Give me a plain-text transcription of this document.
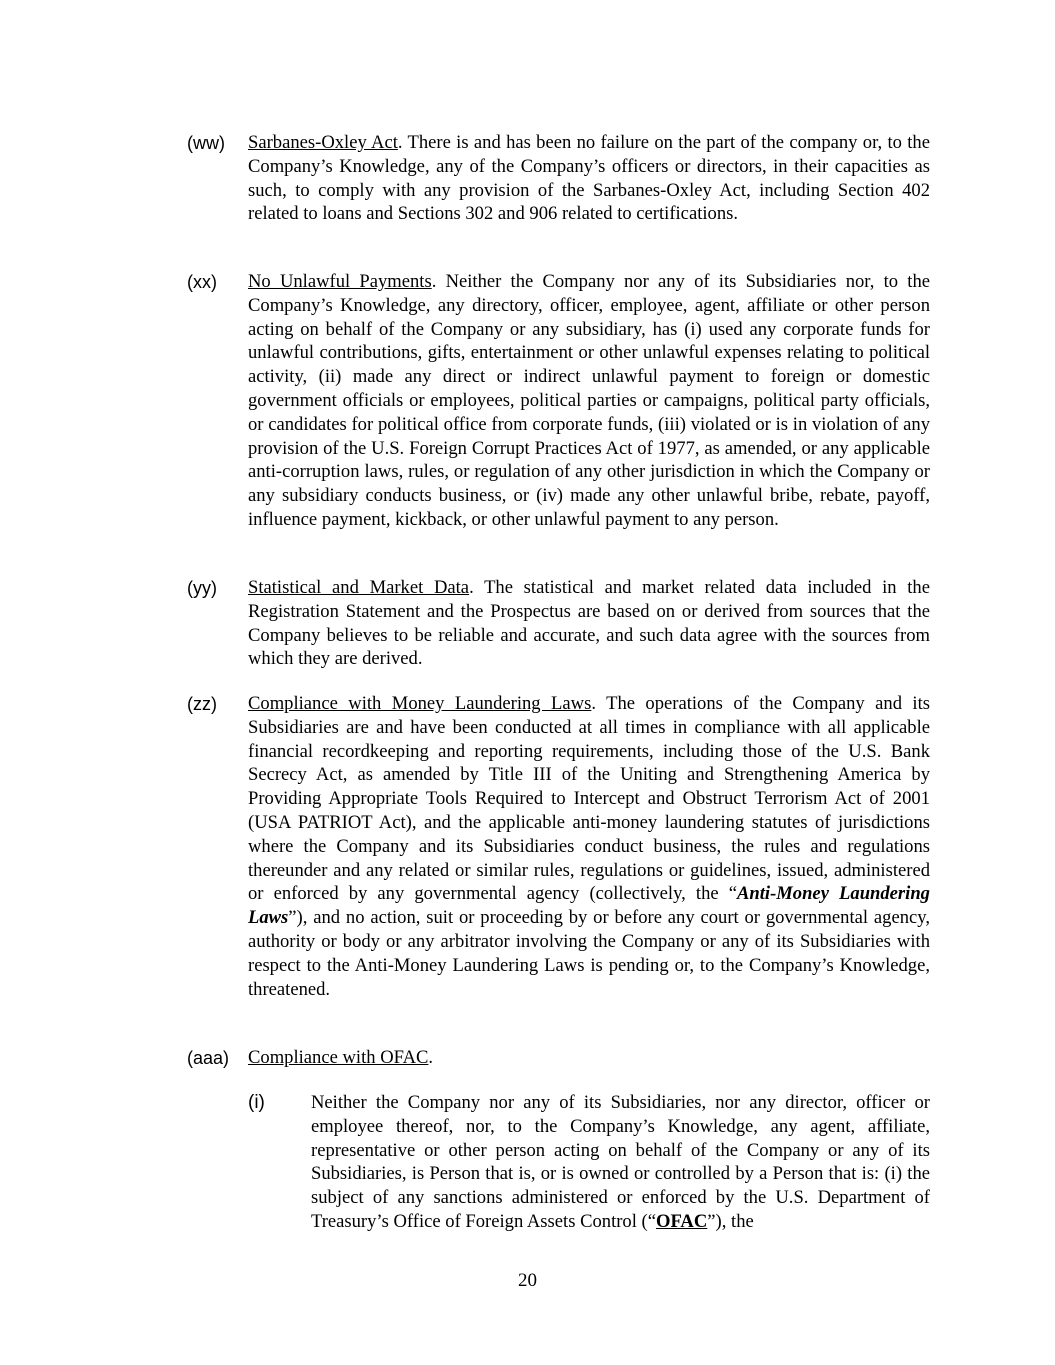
(ww) Sarbanes-Oxley Act. There is and has been no failure on the part of the company or, to the Company’s Knowledge, any of the Company’s officers or directors, in their capacities as such, to comply with any provision of the Sarbanes-Oxley Act, including Section 402 related to loans and Sections 302 and 906 related to certifications.
(xx) No Unlawful Payments. Neither the Company nor any of its Subsidiaries nor, to the Company’s Knowledge, any directory, officer, employee, agent, affiliate or other person acting on behalf of the Company or any subsidiary, has (i) used any corporate funds for unlawful contributions, gifts, entertainment or other unlawful expenses relating to political activity, (ii) made any direct or indirect unlawful payment to foreign or domestic government officials or employees, political parties or campaigns, political party officials, or candidates for political office from corporate funds, (iii) violated or is in violation of any provision of the U.S. Foreign Corrupt Practices Act of 1977, as amended, or any applicable anti-corruption laws, rules, or regulation of any other jurisdiction in which the Company or any subsidiary conducts business, or (iv) made any other unlawful bribe, rebate, payoff, influence payment, kickback, or other unlawful payment to any person.
(yy) Statistical and Market Data. The statistical and market related data included in the Registration Statement and the Prospectus are based on or derived from sources that the Company believes to be reliable and accurate, and such data agree with the sources from which they are derived.
(zz) Compliance with Money Laundering Laws. The operations of the Company and its Subsidiaries are and have been conducted at all times in compliance with all applicable financial recordkeeping and reporting requirements, including those of the U.S. Bank Secrecy Act, as amended by Title III of the Uniting and Strengthening America by Providing Appropriate Tools Required to Intercept and Obstruct Terrorism Act of 2001 (USA PATRIOT Act), and the applicable anti-money laundering statutes of jurisdictions where the Company and its Subsidiaries conduct business, the rules and regulations thereunder and any related or similar rules, regulations or guidelines, issued, administered or enforced by any governmental agency (collectively, the “Anti-Money Laundering Laws”), and no action, suit or proceeding by or before any court or governmental agency, authority or body or any arbitrator involving the Company or any of its Subsidiaries with respect to the Anti-Money Laundering Laws is pending or, to the Company’s Knowledge, threatened.
(aaa) Compliance with OFAC.
(i) Neither the Company nor any of its Subsidiaries, nor any director, officer or employee thereof, nor, to the Company’s Knowledge, any agent, affiliate, representative or other person acting on behalf of the Company or any of its Subsidiaries, is Person that is, or is owned or controlled by a Person that is: (i) the subject of any sanctions administered or enforced by the U.S. Department of Treasury’s Office of Foreign Assets Control (“OFAC”), the
20
